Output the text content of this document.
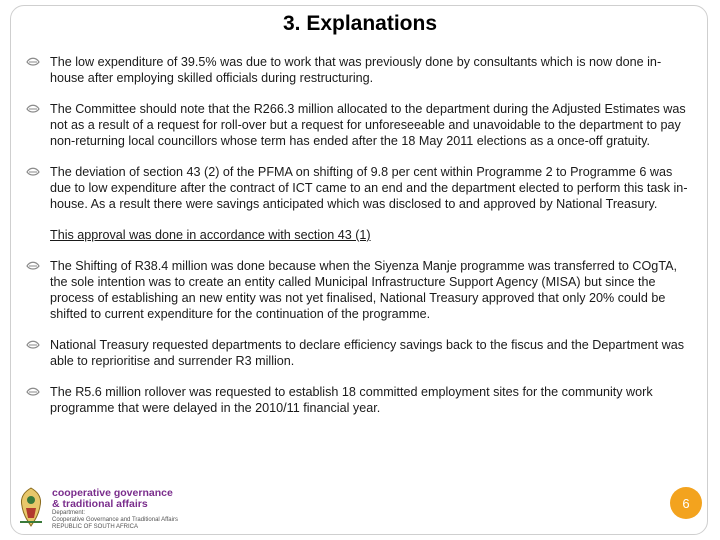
3. Explanations
The low expenditure of 39.5% was due to work that was previously done by consultants which is now done in-house after employing skilled officials during restructuring.
The Committee should note that the R266.3 million allocated to the department during the Adjusted Estimates was not as a result of a request for roll-over but a request for unforeseeable and unavoidable to the department to pay non-returning local councillors whose term has ended after the 18 May 2011 elections as a once-off gratuity.
The deviation of section 43 (2) of the PFMA on shifting of 9.8 per cent within Programme 2 to Programme 6 was due to low expenditure after the contract of ICT came to an end and the department elected to perform this task in-house. As a result there were savings anticipated which was disclosed to and approved by National Treasury.
This approval was done in accordance with section 43 (1)
The Shifting of R38.4 million was done because when the Siyenza Manje programme was transferred to COgTA, the sole intention was to create an entity called Municipal Infrastructure Support Agency (MISA) but since the process of establishing an new entity was not yet finalised, National Treasury approved that only 20% could be shifted to current expenditure for the continuation of the programme.
National Treasury requested departments to declare efficiency savings back to the fiscus and the Department was able to reprioritise and surrender R3 million.
The R5.6 million rollover was requested to establish 18 committed employment sites for the community work programme that were delayed in the 2010/11 financial year.
cooperative governance
& traditional affairs
Department:
Cooperative Governance and Traditional Affairs
REPUBLIC OF SOUTH AFRICA
6
